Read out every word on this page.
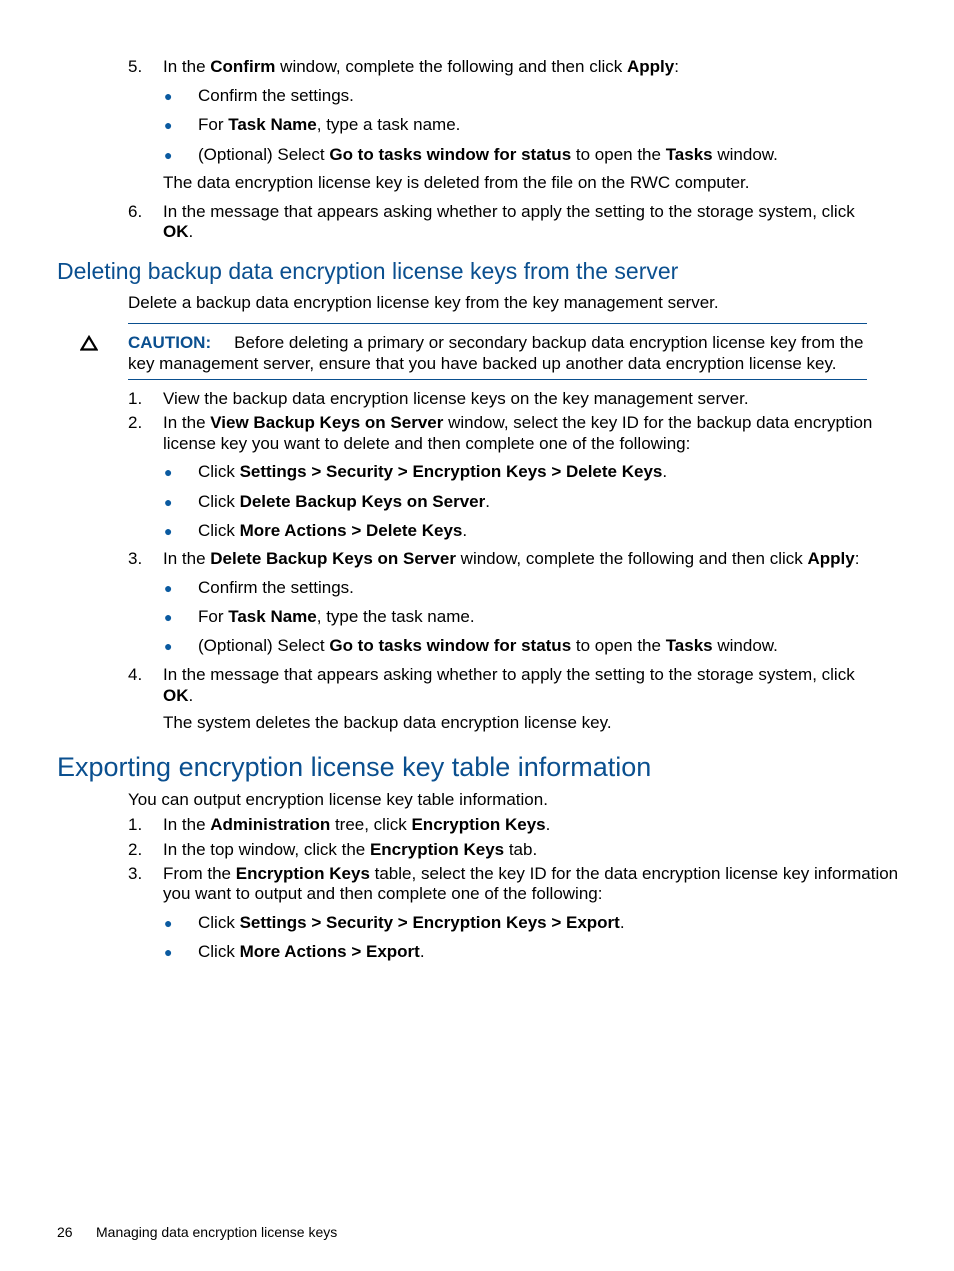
5. In the Confirm window, complete the following and then click Apply:
● Confirm the settings.
● For Task Name, type a task name.
● (Optional) Select Go to tasks window for status to open the Tasks window.
The data encryption license key is deleted from the file on the RWC computer.
6. In the message that appears asking whether to apply the setting to the storage system, click
OK.
Deleting backup data encryption license keys from the server
Delete a backup data encryption license key from the key management server.
CAUTION: Before deleting a primary or secondary backup data encryption license key from the
key management server, ensure that you have backed up another data encryption license key.
1. View the backup data encryption license keys on the key management server.
2. In the View Backup Keys on Server window, select the key ID for the backup data encryption
license key you want to delete and then complete one of the following:
● Click Settings > Security > Encryption Keys > Delete Keys.
● Click Delete Backup Keys on Server.
● Click More Actions > Delete Keys.
3. In the Delete Backup Keys on Server window, complete the following and then click Apply:
● Confirm the settings.
● For Task Name, type the task name.
● (Optional) Select Go to tasks window for status to open the Tasks window.
4. In the message that appears asking whether to apply the setting to the storage system, click
OK.
The system deletes the backup data encryption license key.
Exporting encryption license key table information
You can output encryption license key table information.
1. In the Administration tree, click Encryption Keys.
2. In the top window, click the Encryption Keys tab.
3. From the Encryption Keys table, select the key ID for the data encryption license key information
you want to output and then complete one of the following:
● Click Settings > Security > Encryption Keys > Export.
● Click More Actions > Export.
26 Managing data encryption license keys
